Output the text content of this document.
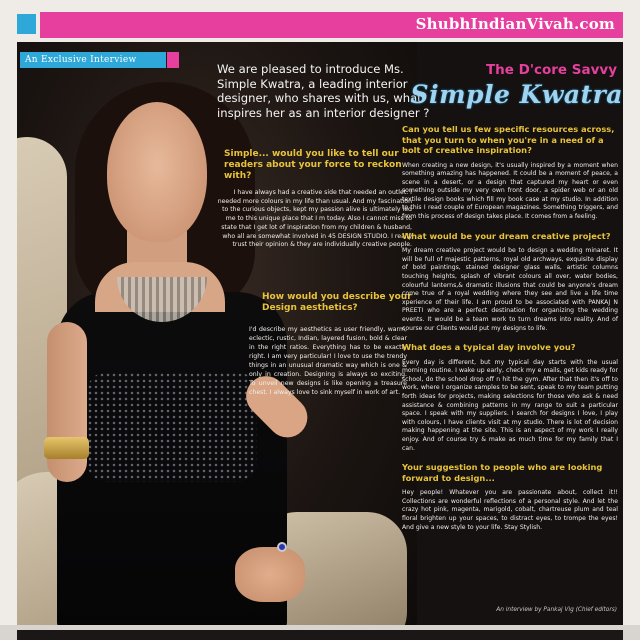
ShubhIndianVivah.com
An Exclusive Interview
We are pleased to introduce Ms. Simple Kwatra, a leading interior designer, who shares with us, what inspires her as an interior designer ?
Simple... would you like to tell our readers about your force to reckon with?
I have always had a creative side that needed an outlet. I needed more colours in my life than usual. And my fascination to the curious objects, kept my passion alive is ultimately led me to this unique place that I m today. Also I cannot miss to state that I get lot of inspiration from my children & husband, who all are somewhat involved in 45 DESIGN STUDIO. I really trust their opinion & they are individually creative people.
How would you describe your Design aesthetics?
I'd describe my aesthetics as user friendly, warm, eclectic, rustic, Indian, layered fusion, bold & clear in the right ratios. Everything has to be exactly right. I am very particular! I love to use the trendy things in an unusual dramatic way which is one & only in creation. Designing is always so exciting. To unveil new designs is like opening a treasure chest. I always love to sink myself in work of art.
The D'core Savvy
Simple Kwatra
Can you tell us few specific resources across, that you turn to when you're in a need of a bolt of creative inspiration?
When creating a new design, it's usually inspired by a moment when something amazing has happened. It could be a moment of peace, a scene in a desert, or a design that captured my heart or even something outside my very own front door, a spider web or an old textile design books which fill my book case at my studio. In addition to this I read couple of European magazines. Something triggers, and from this process of design takes place. It comes from a feeling.
What would be your dream creative project?
My dream creative project would be to design a wedding minaret. It will be full of majestic patterns, royal old archways, exquisite display of bold paintings, stained designer glass walls, artistic columns touching heights, splash of vibrant colours all over, water bodies, colourful lanterns,& dramatic illusions that could be anyone's dream come true of a royal wedding where they see and live a life time xperience of their life. I am proud to be associated with PANKAJ N PREETI who are a perfect destination for organizing the wedding events. It would be a team work to turn dreams into reality. And of course our Clients would put my designs to life.
What does a typical day involve you?
Every day is different, but my typical day starts with the usual morning routine. I wake up early, check my e mails, get kids ready for school, do the school drop off n hit the gym. After that then it's off to work, where I organize samples to be sent, speak to my team putting forth ideas for projects, making selections for those who ask & need assistance & combining patterns in my range to suit a particular space. I speak with my suppliers. I search for designs I love, I play with colours, I have clients visit at my studio. There is lot of decision making happening at the site. This is an aspect of my work I really enjoy. And of course try & make as much time for my family that I can.
Your suggestion to people who are looking forward to design...
Hey people! Whatever you are passionate about, collect it!! Collections are wonderful reflections of a personal style. And let the crazy hot pink, magenta, marigold, cobalt, chartreuse plum and teal floral brighten up your spaces, to distract eyes, to trompe the eyes! And give a new style to your life. Stay Stylish.
An interview by Pankaj Vig (Chief editors)
